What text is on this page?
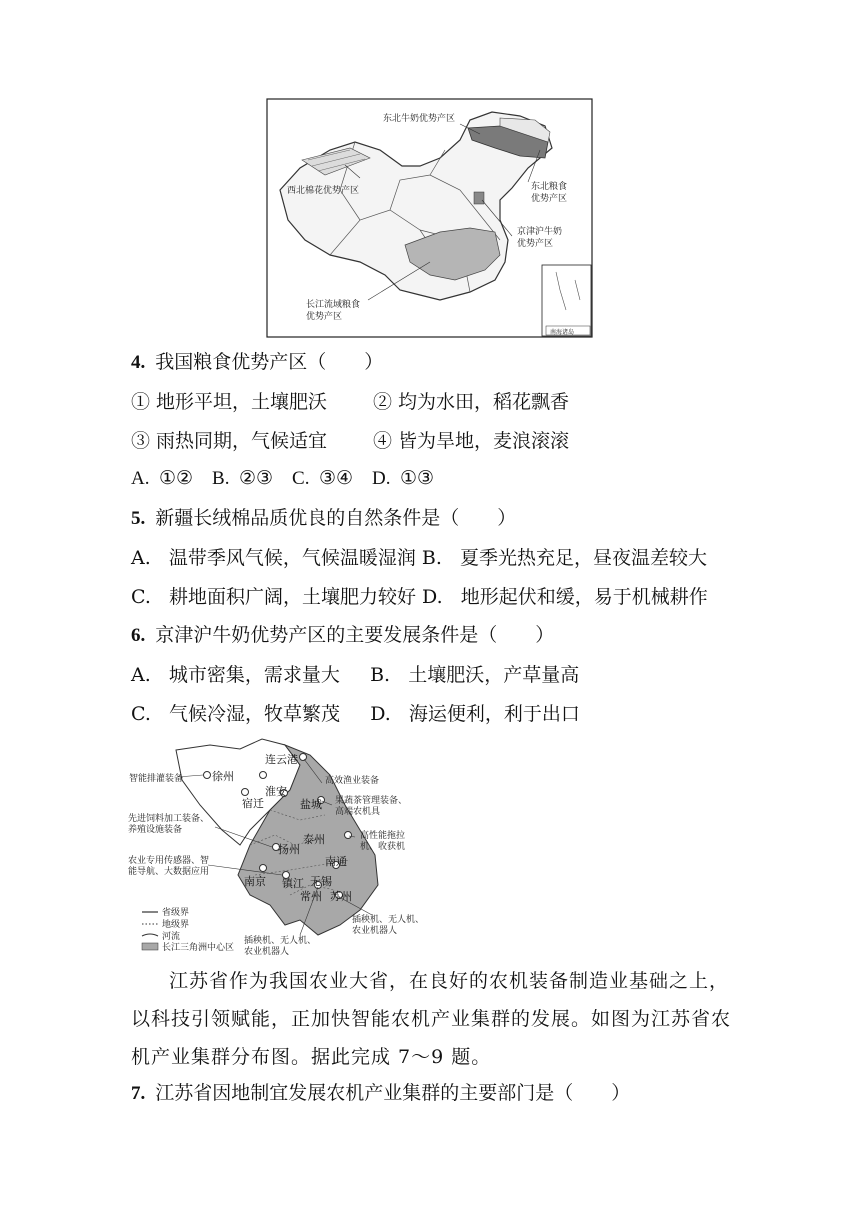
南海诸岛
东北牛奶优势产区
西北棉花优势产区	东北粮食
优势产区
京津沪牛奶
优势产区
长江流域粮食
优势产区
4. 我国粮食优势产区（　　）
① 地形平坦，土壤肥沃 ② 均为水田，稻花飘香
③ 雨热同期，气候适宜 ④ 皆为旱地，麦浪滚滚
A.  ①②    B.  ②③    C.  ③④    D.  ①③
5. 新疆长绒棉品质优良的自然条件是（　　）
A.   温带季风气候，气候温暖湿润 B.   夏季光热充足，昼夜温差较大
C.   耕地面积广阔，土壤肥力较好 D.   地形起伏和缓，易于机械耕作
6. 京津沪牛奶优势产区的主要发展条件是（　　）
A.   城市密集，需求量大     B.   土壤肥沃，产草量高
C.   气候冷湿，牧草繁茂     D.   海运便利，利于出口
徐州
连云港
宿迁
淮安
盐城
扬州
泰州
南通
南京 镇江
常州
无锡
苏州
智能排灌装备	高效渔业装备
果蔬茶管理装备、
高端农机具
先进饲料加工装备、
养殖设施装备
高性能拖拉
机、收获机
农业专用传感器、智
能导航、大数据应用
插秧机、无人机、
农业机器人
插秧机、无人机、
农业机器人
省级界
地级界
河流
长江三角洲中心区
江苏省作为我国农业大省，在良好的农机装备制造业基础之上，以科技引领赋能，正加快智能农机产业集群的发展。如图为江苏省农机产业集群分布图。据此完成 7～9 题。
7. 江苏省因地制宜发展农机产业集群的主要部门是（　　）
